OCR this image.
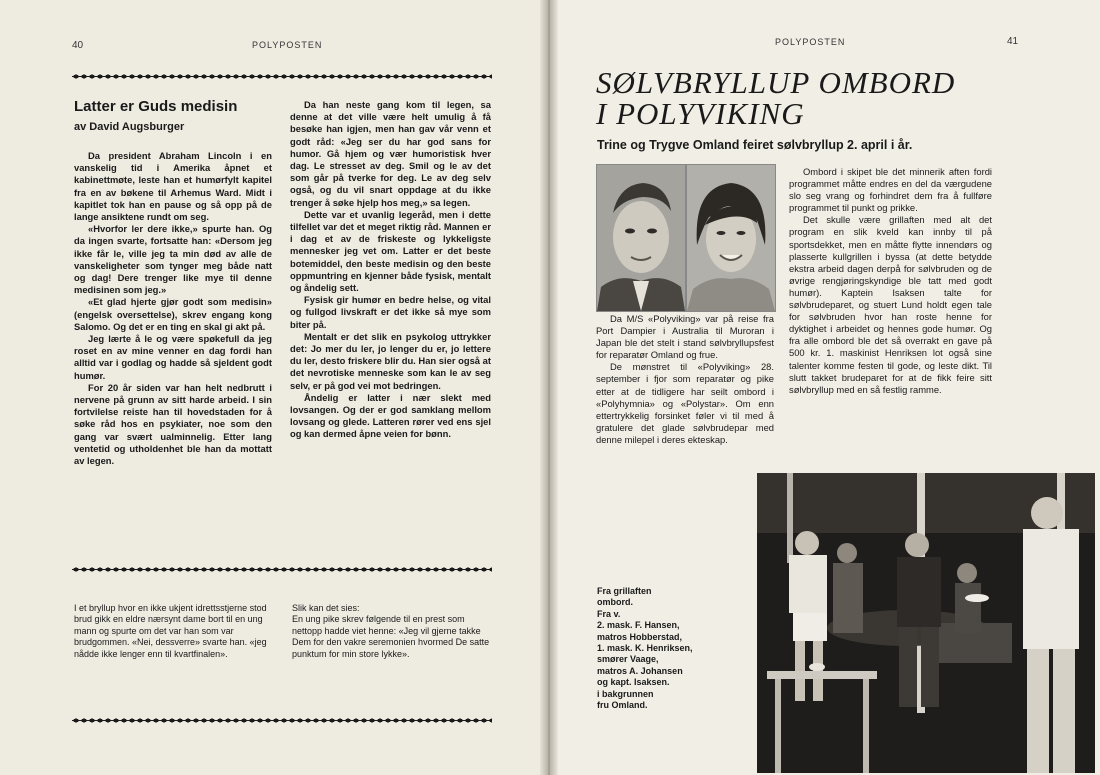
40	POLYPOSTEN
Latter er Guds medisin
av David Augsburger

Da president Abraham Lincoln i en vanskelig tid i Amerika åpnet et kabinettmøte, leste han et humørfylt kapitel fra en av bøkene til Arhemus Ward. Midt i kapitlet tok han en pause og så opp på de lange ansiktene rundt om seg.

«Hvorfor ler dere ikke,» spurte han. Og da ingen svarte, fortsatte han: «Dersom jeg ikke får le, ville jeg ta min død av alle de vanskeligheter som tynger meg både natt og dag! Dere trenger like mye til denne medisinen som jeg.»

«Et glad hjerte gjør godt som medisin» (engelsk oversettelse), skrev engang kong Salomo. Og det er en ting en skal gi akt på.

Jeg lærte å le og være spøkefull da jeg roset en av mine venner en dag fordi han alltid var i godlag og hadde så sjeldent godt humør.

For 20 år siden var han helt nedbrutt i nervene på grunn av sitt harde arbeid. I sin fortvilelse reiste han til hovedstaden for å søke råd hos en psykiater, noe som den gang var svært ualminnelig. Etter lang ventetid og utholdenhet ble han da mottatt av legen.

Da han neste gang kom til legen, sa denne at det ville være helt umulig å få besøke han igjen, men han gav vår venn et godt råd: «Jeg ser du har god sans for humor. Gå hjem og vær humoristisk hver dag. Le stresset av deg. Smil og le av det som går på tverke for deg. Le av deg selv også, og du vil snart oppdage at du ikke trenger å søke hjelp hos meg,» sa legen.

Dette var et uvanlig legeråd, men i dette tilfellet var det et meget riktig råd. Mannen er i dag et av de friskeste og lykkeligste mennesker jeg vet om. Latter er det beste botemiddel, den beste medisin og den beste oppmuntring en kjenner både fysisk, mentalt og åndelig sett.

Fysisk gir humør en bedre helse, og vital og fullgod livskraft er det ikke så mye som biter på.

Mentalt er det slik en psykolog uttrykker det: Jo mer du ler, jo lenger du er, jo lettere du ler, desto friskere blir du. Han sier også at det nevrotiske menneske som kan le av seg selv, er på god vei mot bedringen.

Åndelig er latter i nær slekt med lovsangen. Og der er god samklang mellom lovsang og glede. Latteren rører ved ens sjel og kan dermed åpne veien for bønn.

I et bryllup hvor en ikke ukjent idrettsstjerne stod brud gikk en eldre nærsynt dame bort til en ung mann og spurte om det var han som var brudgommen. «Nei, dessverre» svarte han. «jeg nådde ikke lenger enn til kvartfinalen».

Slik kan det sies:

En ung pike skrev følgende til en prest som nettopp hadde viet henne: «Jeg vil gjerne takke Dem for den vakre seremonien hvormed De satte punktum for min store lykke».

POLYPOSTEN	41
SØLVBRYLLUP OMBORD
I POLYVIKING
Trine og Trygve Omland feiret sølvbryllup 2. april i år.

Da M/S «Polyviking» var på reise fra Port Dampier i Australia til Muroran i Japan ble det stelt i stand sølvbryllupsfest for reparatør Omland og frue.

De mønstret til «Polyviking» 28. september i fjor som reparatør og pike etter at de tidligere har seilt ombord i «Polyhymnia» og «Polystar». Om enn ettertrykkelig forsinket føler vi til med å gratulere det glade sølvbrudepar med denne milepel i deres ekteskap.

Ombord i skipet ble det minnerik aften fordi programmet måtte endres en del da værgudene slo seg vrang og forhindret dem fra å fullføre programmet til punkt og prikke.

Det skulle være grillaften med alt det program en slik kveld kan innby til på sportsdekket, men en måtte flytte innendørs og plasserte kullgrillen i byssa (at dette betydde ekstra arbeid dagen derpå for sølvbruden og de øvrige rengjøringskyndige ble tatt med godt humør). Kaptein Isaksen talte for sølvbrudeparet, og stuert Lund holdt egen tale for sølvbruden hvor han roste henne for dyktighet i arbeidet og hennes gode humør. Og fra alle ombord ble det så overrakt en gave på 500 kr. 1. maskinist Henriksen lot også sine talenter komme festen til gode, og leste dikt. Til slutt takket brudeparet for at de fikk feire sitt sølvbryllup med en så festlig ramme.

Fra grillaften
ombord.
Fra v.
2. mask. F. Hansen,
matros Hobberstad,
1. mask. K. Henriksen,
smører Vaage,
matros A. Johansen
og kapt. Isaksen.
i bakgrunnen
fru Omland.
